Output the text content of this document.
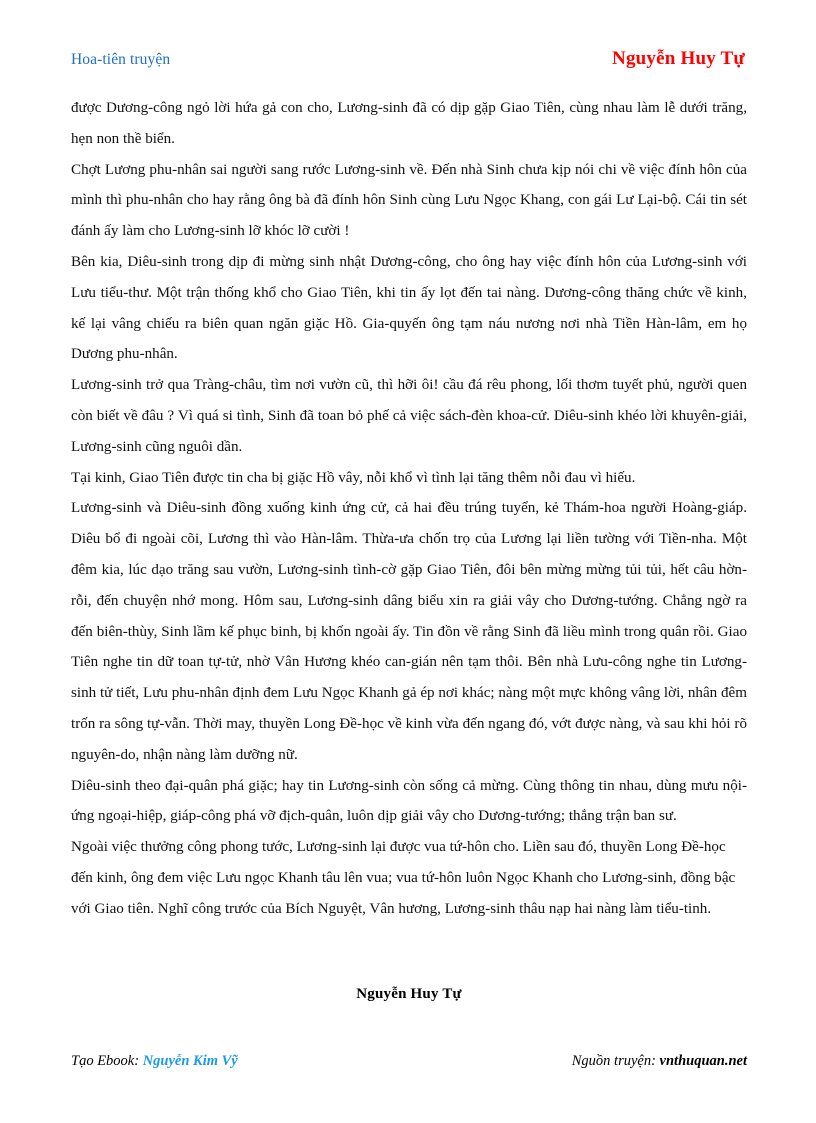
Hoa-tiên truyện	Nguyễn Huy Tự

được Dương-công ngỏ lời hứa gả con cho, Lương-sinh đã có dịp gặp Giao Tiên, cùng nhau làm lễ dưới trăng, hẹn non thề biển.

Chợt Lương phu-nhân sai người sang rước Lương-sinh về. Đến nhà Sinh chưa kịp nói chi về việc đính hôn của mình thì phu-nhân cho hay rằng ông bà đã đính hôn Sinh cùng Lưu Ngọc Khang, con gái Lư Lại-bộ. Cái tin sét đánh ấy làm cho Lương-sinh lỡ khóc lỡ cười !

Bên kia, Diêu-sinh trong dịp đi mừng sinh nhật Dương-công, cho ông hay việc đính hôn của Lương-sinh với Lưu tiểu-thư. Một trận thống khổ cho Giao Tiên, khi tin ấy lọt đến tai nàng. Dương-công thăng chức về kinh, kế lại vâng chiếu ra biên quan ngăn giặc Hồ. Gia-quyến ông tạm náu nương nơi nhà Tiền Hàn-lâm, em họ Dương phu-nhân.

Lương-sinh trở qua Tràng-châu, tìm nơi vườn cũ, thì hỡi ôi! cầu đá rêu phong, lối thơm tuyết phủ, người quen còn biết về đâu ? Vì quá si tình, Sinh đã toan bỏ phế cả việc sách-đèn khoa-cử. Diêu-sinh khéo lời khuyên-giải, Lương-sinh cũng nguôi dần.

Tại kinh, Giao Tiên được tin cha bị giặc Hồ vây, nỗi khổ vì tình lại tăng thêm nỗi đau vì hiếu.

Lương-sinh và Diêu-sinh đồng xuống kinh ứng cử, cả hai đều trúng tuyển, kẻ Thám-hoa người Hoàng-giáp. Diêu bổ đi ngoài cõi, Lương thì vào Hàn-lâm. Thừa-ưa chốn trọ của Lương lại liền tường với Tiền-nha. Một đêm kia, lúc dạo trăng sau vườn, Lương-sinh tình-cờ gặp Giao Tiên, đôi bên mừng mừng tủi tủi, hết câu hờn-rỗi, đến chuyện nhớ mong. Hôm sau, Lương-sinh dâng biểu xin ra giải vây cho Dương-tướng. Chẳng ngờ ra đến biên-thùy, Sinh lầm kế phục binh, bị khốn ngoài ấy. Tin đồn về rằng Sinh đã liều mình trong quân rồi. Giao Tiên nghe tin dữ toan tự-tử, nhờ Vân Hương khéo can-gián nên tạm thôi. Bên nhà Lưu-công nghe tin Lương-sinh tử tiết, Lưu phu-nhân định đem Lưu Ngọc Khanh gả ép nơi khác; nàng một mực không vâng lời, nhân đêm trốn ra sông tự-vẫn. Thời may, thuyền Long Đề-học về kinh vừa đến ngang đó, vớt được nàng, và sau khi hỏi rõ nguyên-do, nhận nàng làm dưỡng nữ.

Diêu-sinh theo đại-quân phá giặc; hay tin Lương-sinh còn sống cả mừng. Cùng thông tin nhau, dùng mưu nội-ứng ngoại-hiệp, giáp-công phá vỡ địch-quân, luôn dịp giải vây cho Dương-tướng; thắng trận ban sư.

Ngoài việc thưởng công phong tước, Lương-sinh lại được vua tứ-hôn cho. Liền sau đó, thuyền Long Đề-học đến kinh, ông đem việc Lưu ngọc Khanh tâu lên vua; vua tứ-hôn luôn Ngọc Khanh cho Lương-sinh, đồng bậc với Giao tiên. Nghĩ công trước của Bích Nguyệt, Vân hương, Lương-sinh thâu nạp hai nàng làm tiểu-tinh.

Nguyễn Huy Tự
Tạo Ebook: Nguyễn Kim Vỹ	Nguồn truyện: vnthuquan.net
